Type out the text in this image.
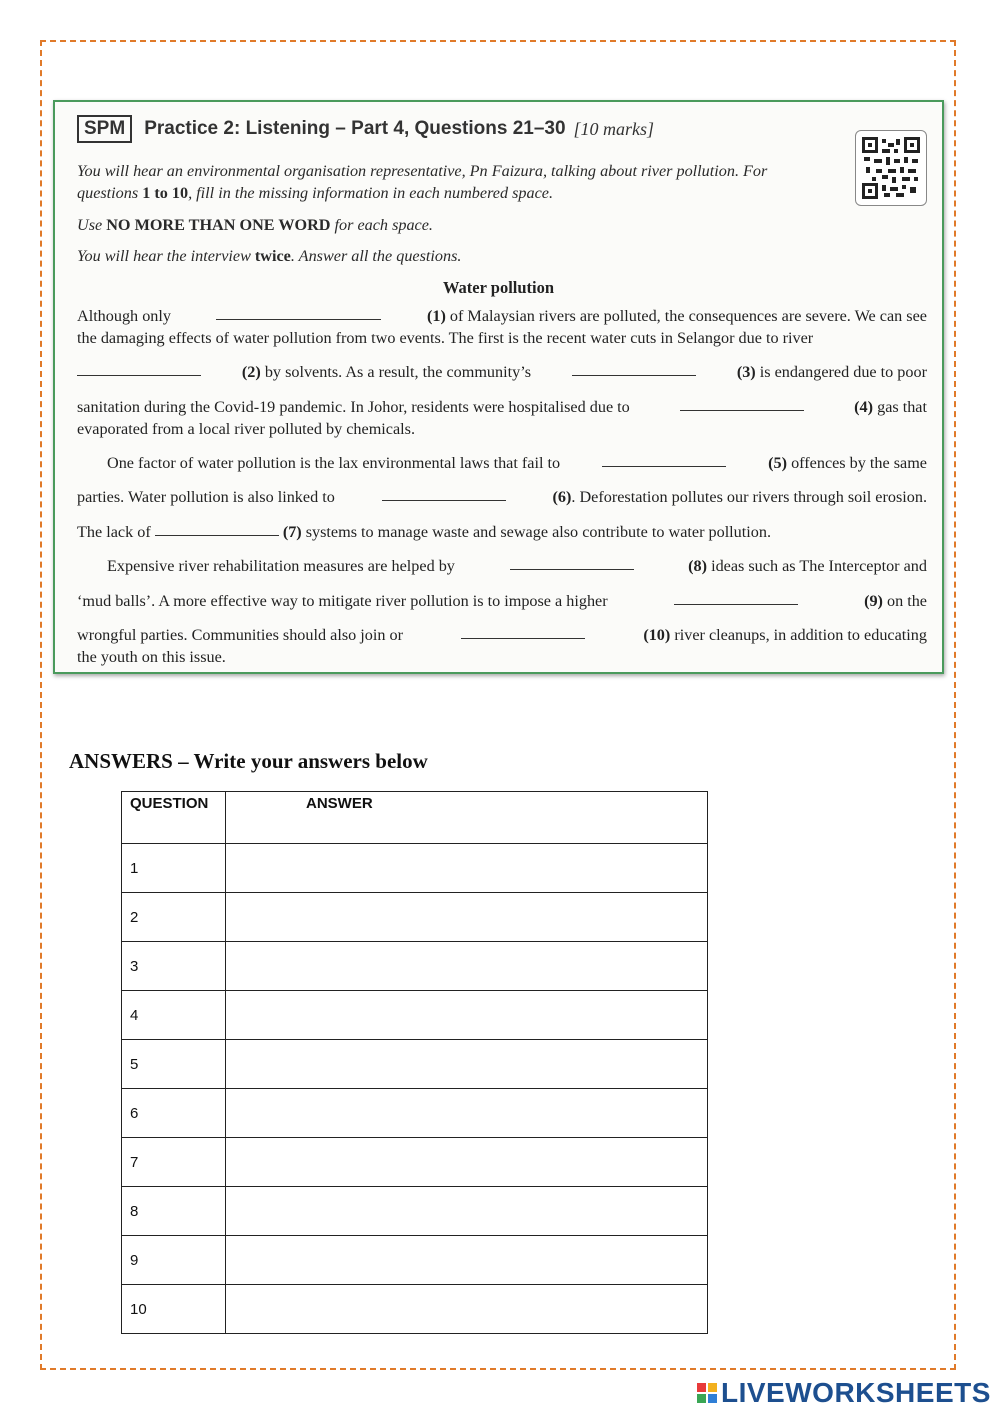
SPM	Practice 2: Listening – Part 4, Questions 21–30 [10 marks]
You will hear an environmental organisation representative, Pn Faizura, talking about river pollution. For
questions 1 to 10, fill in the missing information in each numbered space.
Use NO MORE THAN ONE WORD for each space.
You will hear the interview twice. Answer all the questions.
Water pollution
Although only	(1) of Malaysian rivers are polluted, the consequences are severe. We can see
the damaging effects of water pollution from two events. The first is the recent water cuts in Selangor due to river
(2) by solvents. As a result, the community’s	(3) is endangered due to poor
sanitation during the Covid-19 pandemic. In Johor, residents were hospitalised due to	(4) gas that
evaporated from a local river polluted by chemicals.
One factor of water pollution is the lax environmental laws that fail to	(5) offences by the same
parties. Water pollution is also linked to	(6). Deforestation pollutes our rivers through soil erosion.
The lack of

	(7) systems to manage waste and sewage also contribute to water pollution.
Expensive river rehabilitation measures are helped by	(8) ideas such as The Interceptor and
‘mud balls’. A more effective way to mitigate river pollution is to impose a higher	(9) on the
wrongful parties. Communities should also join or	(10) river cleanups, in addition to educating
the youth on this issue.
ANSWERS – Write your answers below
QUESTION	ANSWER
1	
2	
3	
4	
5	
6	
7	
8	
9	
10	
LIVEWORKSHEETS
